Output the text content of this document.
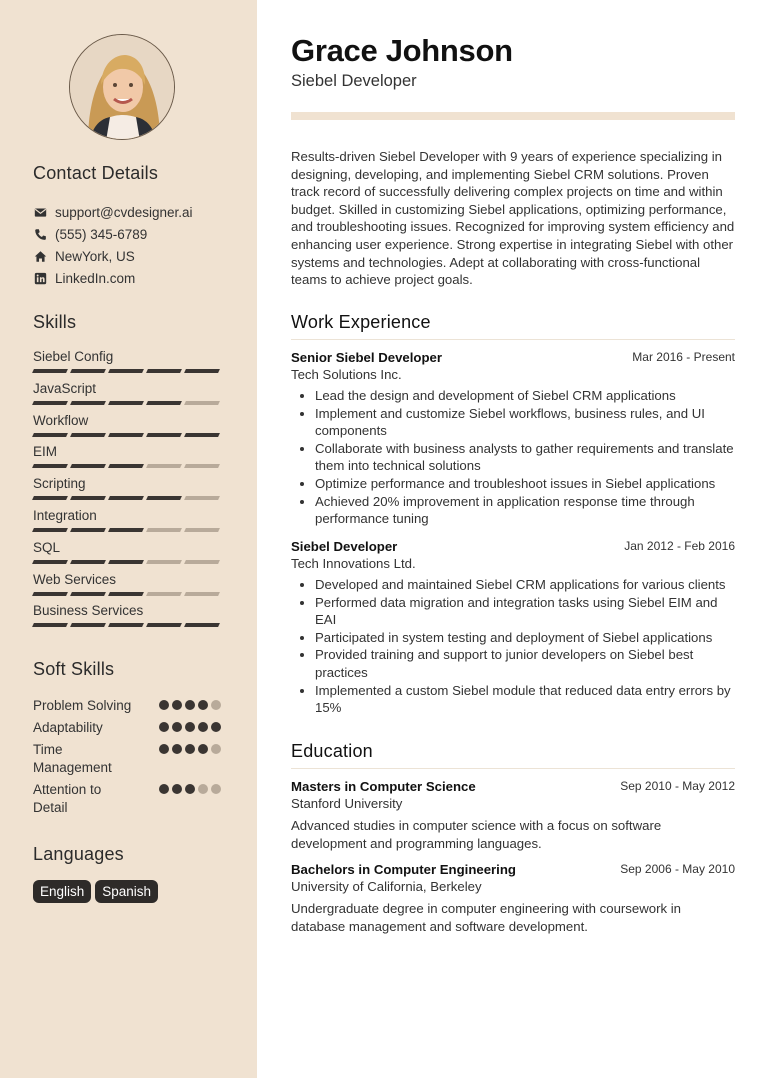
Contact Details
support@cvdesigner.ai
(555) 345-6789
NewYork, US
LinkedIn.com
Skills
Siebel Config
JavaScript
Workflow
EIM
Scripting
Integration
SQL
Web Services
Business Services
Soft Skills
Problem Solving
Adaptability
Time Management
Attention to Detail
Languages
English	Spanish
Grace Johnson
Siebel Developer
Results-driven Siebel Developer with 9 years of experience specializing in designing, developing, and implementing Siebel CRM solutions. Proven track record of successfully delivering complex projects on time and within budget. Skilled in customizing Siebel applications, optimizing performance, and troubleshooting issues. Recognized for improving system efficiency and enhancing user experience. Strong expertise in integrating Siebel with other systems and technologies. Adept at collaborating with cross-functional teams to achieve project goals.
Work Experience
Senior Siebel Developer	Mar 2016 - Present
Tech Solutions Inc.
• Lead the design and development of Siebel CRM applications
• Implement and customize Siebel workflows, business rules, and UI components
• Collaborate with business analysts to gather requirements and translate them into technical solutions
• Optimize performance and troubleshoot issues in Siebel applications
• Achieved 20% improvement in application response time through performance tuning
Siebel Developer	Jan 2012 - Feb 2016
Tech Innovations Ltd.
• Developed and maintained Siebel CRM applications for various clients
• Performed data migration and integration tasks using Siebel EIM and EAI
• Participated in system testing and deployment of Siebel applications
• Provided training and support to junior developers on Siebel best practices
• Implemented a custom Siebel module that reduced data entry errors by 15%
Education
Masters in Computer Science	Sep 2010 - May 2012
Stanford University
Advanced studies in computer science with a focus on software development and programming languages.
Bachelors in Computer Engineering	Sep 2006 - May 2010
University of California, Berkeley
Undergraduate degree in computer engineering with coursework in database management and software development.
